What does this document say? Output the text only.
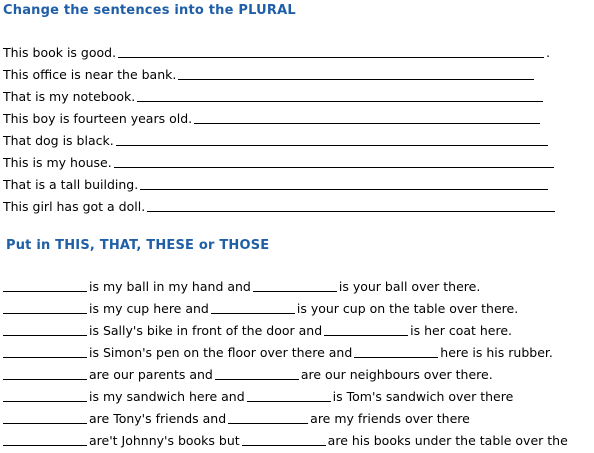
Change the sentences into the PLURAL
This book is good.	.
This office is near the bank.
That is my notebook.
This boy is fourteen years old.
That dog is black.
This is my house.
That is a tall building.
This girl has got a doll.
Put in THIS, THAT, THESE or THOSE
is my ball in my hand and	is your ball over there.
is my cup here and	is your cup on the table over there.
is Sally's bike in front of the door and	is her coat here.
is Simon's pen on the floor over there and	here is his rubber.
are our parents and	are our neighbours over there.
is my sandwich here and	is Tom's sandwich over there
are Tony's friends and	are my friends over there
are't Johnny's books but	are his books under the table over the
